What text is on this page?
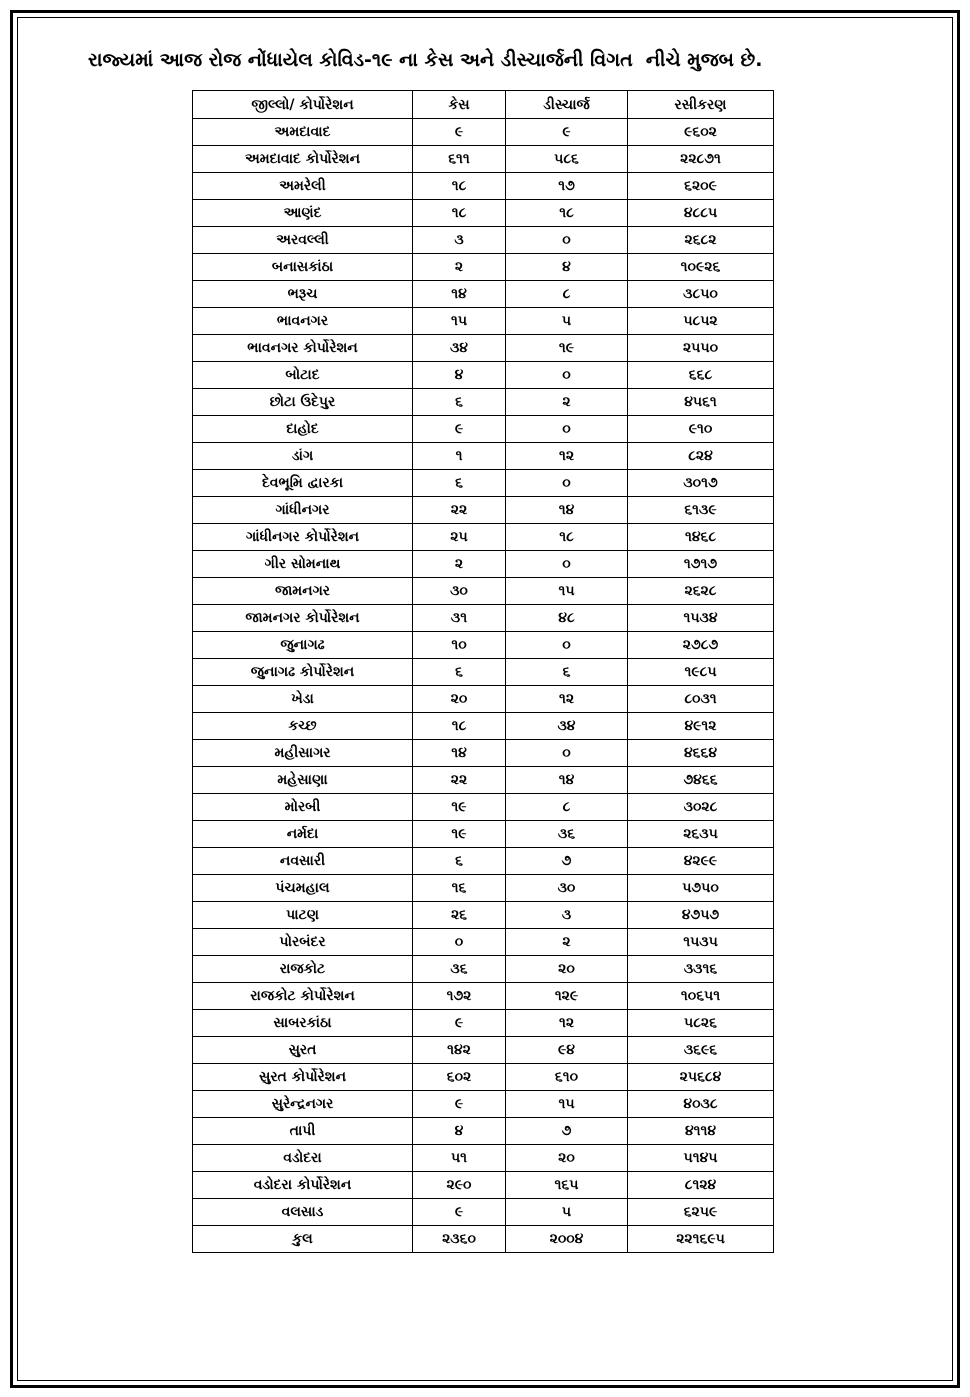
રાજ્યમાં આજ રોજ નોંધાયેલ કોવિડ-૧૯ ના કેસ અને ડીસ્ચાર્જની વિગત  નીચે મુજબ છે.
જીલ્લો/ કોર્પોરેશન	કેસ	ડીસ્ચાર્જ	રસીકરણ
અમદાવાદ	૯	૯	૯૬૦૨
અમદાવાદ કોર્પોરેશન	૬૧૧	૫૮૬	૨૨૮૭૧
અમરેલી	૧૮	૧૭	૬૨૦૯
આણંદ	૧૮	૧૮	૪૮૮૫
અરવલ્લી	૩	૦	૨૬૮૨
બનાસકાંઠા	૨	૪	૧૦૯૨૬
ભરૂચ	૧૪	૮	૩૮૫૦
ભાવનગર	૧૫	૫	૫૮૫૨
ભાવનગર કોર્પોરેશન	૩૪	૧૯	૨૫૫૦
બોટાદ	૪	૦	૬૬૮
છોટા ઉદેપુર	૬	૨	૪૫૬૧
દાહોદ	૯	૦	૯૧૦
ડાંગ	૧	૧૨	૮૨૪
દેવભૂમિ દ્વારકા	૬	૦	૩૦૧૭
ગાંધીનગર	૨૨	૧૪	૬૧૩૯
ગાંધીનગર કોર્પોરેશન	૨૫	૧૮	૧૪૬૮
ગીર સોમનાથ	૨	૦	૧૭૧૭
જામનગર	૩૦	૧૫	૨૬૨૮
જામનગર કોર્પોરેશન	૩૧	૪૮	૧૫૩૪
જુનાગઢ	૧૦	૦	૨૭૮૭
જુનાગઢ કોર્પોરેશન	૬	૬	૧૯૮૫
ખેડા	૨૦	૧૨	૮૦૩૧
કચ્છ	૧૮	૩૪	૪૯૧૨
મહીસાગર	૧૪	૦	૪૬૬૪
મહેસાણા	૨૨	૧૪	૭૪૬૬
મોરબી	૧૯	૮	૩૦૨૮
નર્મદા	૧૯	૩૬	૨૬૩૫
નવસારી	૬	૭	૪૨૯૯
પંચમહાલ	૧૬	૩૦	૫૭૫૦
પાટણ	૨૬	૩	૪૭૫૭
પોરબંદર	૦	૨	૧૫૩૫
રાજકોટ	૩૬	૨૦	૩૩૧૬
રાજકોટ કોર્પોરેશન	૧૭૨	૧૨૯	૧૦૬૫૧
સાબરકાંઠા	૯	૧૨	૫૮૨૬
સુરત	૧૪૨	૯૪	૩૬૯૬
સુરત કોર્પોરેશન	૬૦૨	૬૧૦	૨૫૬૮૪
સુરેન્દ્રનગર	૯	૧૫	૪૦૩૮
તાપી	૪	૭	૪૧૧૪
વડોદરા	૫૧	૨૦	૫૧૪૫
વડોદરા કોર્પોરેશન	૨૯૦	૧૬૫	૮૧૨૪
વલસાડ	૯	૫	૬૨૫૯
કુલ	૨૩૬૦	૨૦૦૪	૨૨૧૬૯૫
